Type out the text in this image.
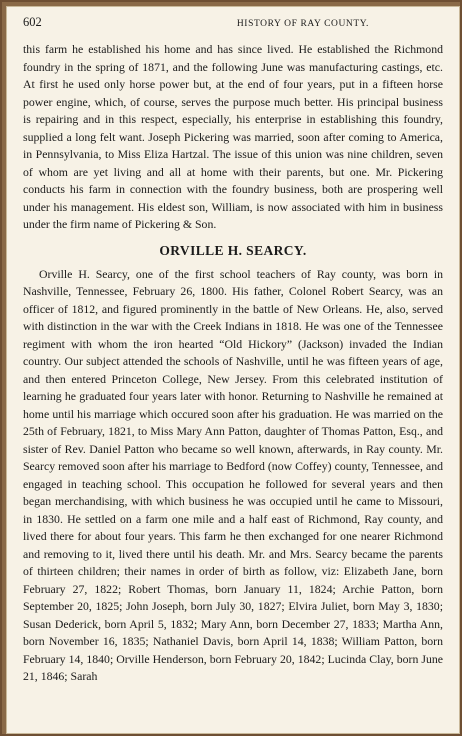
602	HISTORY OF RAY COUNTY.

this farm he established his home and has since lived. He established the Richmond foundry in the spring of 1871, and the following June was manufacturing castings, etc. At first he used only horse power but, at the end of four years, put in a fifteen horse power engine, which, of course, serves the purpose much better. His principal business is repairing and in this respect, especially, his enterprise in establishing this foundry, supplied a long felt want. Joseph Pickering was married, soon after coming to America, in Pennsylvania, to Miss Eliza Hartzal. The issue of this union was nine children, seven of whom are yet living and all at home with their parents, but one. Mr. Pickering conducts his farm in connection with the foundry business, both are prospering well under his management. His eldest son, William, is now associated with him in business under the firm name of Pickering & Son.

ORVILLE H. SEARCY.

Orville H. Searcy, one of the first school teachers of Ray county, was born in Nashville, Tennessee, February 26, 1800. His father, Colonel Robert Searcy, was an officer of 1812, and figured prominently in the battle of New Orleans. He, also, served with distinction in the war with the Creek Indians in 1818. He was one of the Tennessee regiment with whom the iron hearted “Old Hickory” (Jackson) invaded the Indian country. Our subject attended the schools of Nashville, until he was fifteen years of age, and then entered Princeton College, New Jersey. From this celebrated institution of learning he graduated four years later with honor. Returning to Nashville he remained at home until his marriage which occured soon after his graduation. He was married on the 25th of February, 1821, to Miss Mary Ann Patton, daughter of Thomas Patton, Esq., and sister of Rev. Daniel Patton who became so well known, afterwards, in Ray county. Mr. Searcy removed soon after his marriage to Bedford (now Coffey) county, Tennessee, and engaged in teaching school. This occupation he followed for several years and then began merchandising, with which business he was occupied until he came to Missouri, in 1830. He settled on a farm one mile and a half east of Richmond, Ray county, and lived there for about four years. This farm he then exchanged for one nearer Richmond and removing to it, lived there until his death. Mr. and Mrs. Searcy became the parents of thirteen children; their names in order of birth as follow, viz: Elizabeth Jane, born February 27, 1822; Robert Thomas, born January 11, 1824; Archie Patton, born September 20, 1825; John Joseph, born July 30, 1827; Elvira Juliet, born May 3, 1830; Susan Dederick, born April 5, 1832; Mary Ann, born December 27, 1833; Martha Ann, born November 16, 1835; Nathaniel Davis, born April 14, 1838; William Patton, born February 14, 1840; Orville Henderson, born February 20, 1842; Lucinda Clay, born June 21, 1846; Sarah
